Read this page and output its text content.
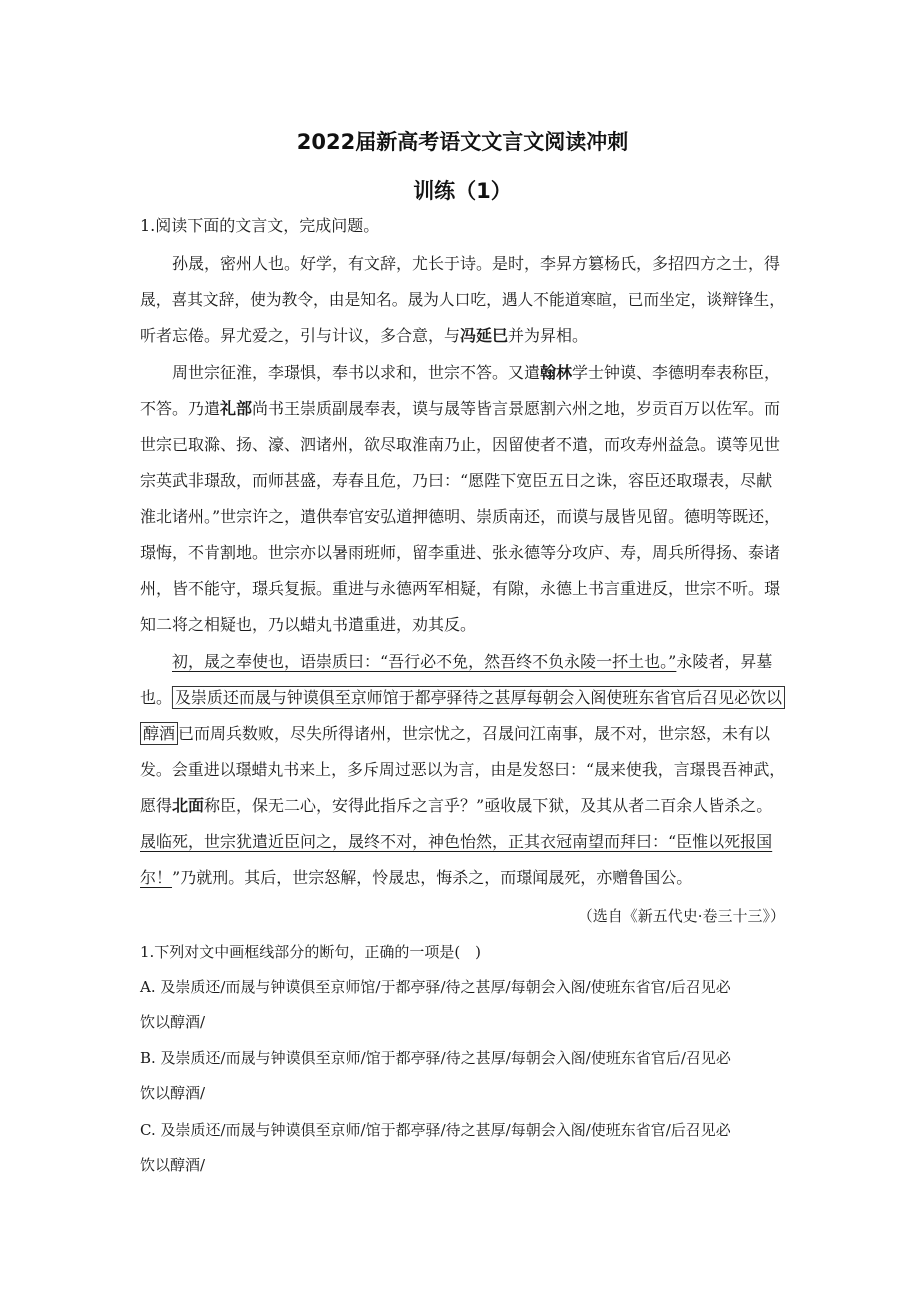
2022届新高考语文文言文阅读冲刺
训练（1）
1.阅读下面的文言文，完成问题。
孙晟，密州人也。好学，有文辞，尤长于诗。是时，李昇方篡杨氏，多招四方之士，得
晟，喜其文辞，使为教令，由是知名。晟为人口吃，遇人不能道寒暄，已而坐定，谈辩锋生，
听者忘倦。昇尤爱之，引与计议，多合意，与冯延巳并为昇相。
周世宗征淮，李璟惧，奉书以求和，世宗不答。又遣翰林学士钟谟、李德明奉表称臣，
不答。乃遣礼部尚书王崇质副晟奉表，谟与晟等皆言景愿割六州之地，岁贡百万以佐军。而
世宗已取滁、扬、濠、泗诸州，欲尽取淮南乃止，因留使者不遣，而攻寿州益急。谟等见世
宗英武非璟敌，而师甚盛，寿春且危，乃曰：“愿陛下宽臣五日之诛，容臣还取璟表，尽献
淮北诸州。”世宗许之，遣供奉官安弘道押德明、崇质南还，而谟与晟皆见留。德明等既还，
璟悔，不肯割地。世宗亦以暑雨班师，留李重进、张永德等分攻庐、寿，周兵所得扬、泰诸
州，皆不能守，璟兵复振。重进与永德两军相疑，有隙，永德上书言重进反，世宗不听。璟
知二将之相疑也，乃以蜡丸书遣重进，劝其反。
初，晟之奉使也，语崇质曰：“吾行必不免，然吾终不负永陵一抔土也。”永陵者，昇墓
也。 及崇质还而晟与钟谟俱至京师馆于都亭驿待之甚厚每朝会入阁使班东省官后召见必饮以
醇酒 已而周兵数败，尽失所得诸州，世宗忧之，召晟问江南事，晟不对，世宗怒，未有以
发。会重进以璟蜡丸书来上，多斥周过恶以为言，由是发怒曰：“晟来使我，言璟畏吾神武，
愿得北面称臣，保无二心，安得此指斥之言乎？”亟收晟下狱，及其从者二百余人皆杀之。
晟临死，世宗犹遣近臣问之，晟终不对，神色怡然，正其衣冠南望而拜曰：“臣惟以死报国
尔！”乃就刑。其后，世宗怒解，怜晟忠，悔杀之，而璟闻晟死，亦赠鲁国公。
（选自《新五代史·卷三十三》）
1.下列对文中画框线部分的断句，正确的一项是(　)
A. 及崇质还/而晟与钟谟俱至京师馆/于都亭驿/待之甚厚/每朝会入阁/使班东省官/后召见必
饮以醇酒/
B. 及崇质还/而晟与钟谟俱至京师/馆于都亭驿/待之甚厚/每朝会入阁/使班东省官后/召见必
饮以醇酒/
C. 及崇质还/而晟与钟谟俱至京师/馆于都亭驿/待之甚厚/每朝会入阁/使班东省官/后召见必
饮以醇酒/
